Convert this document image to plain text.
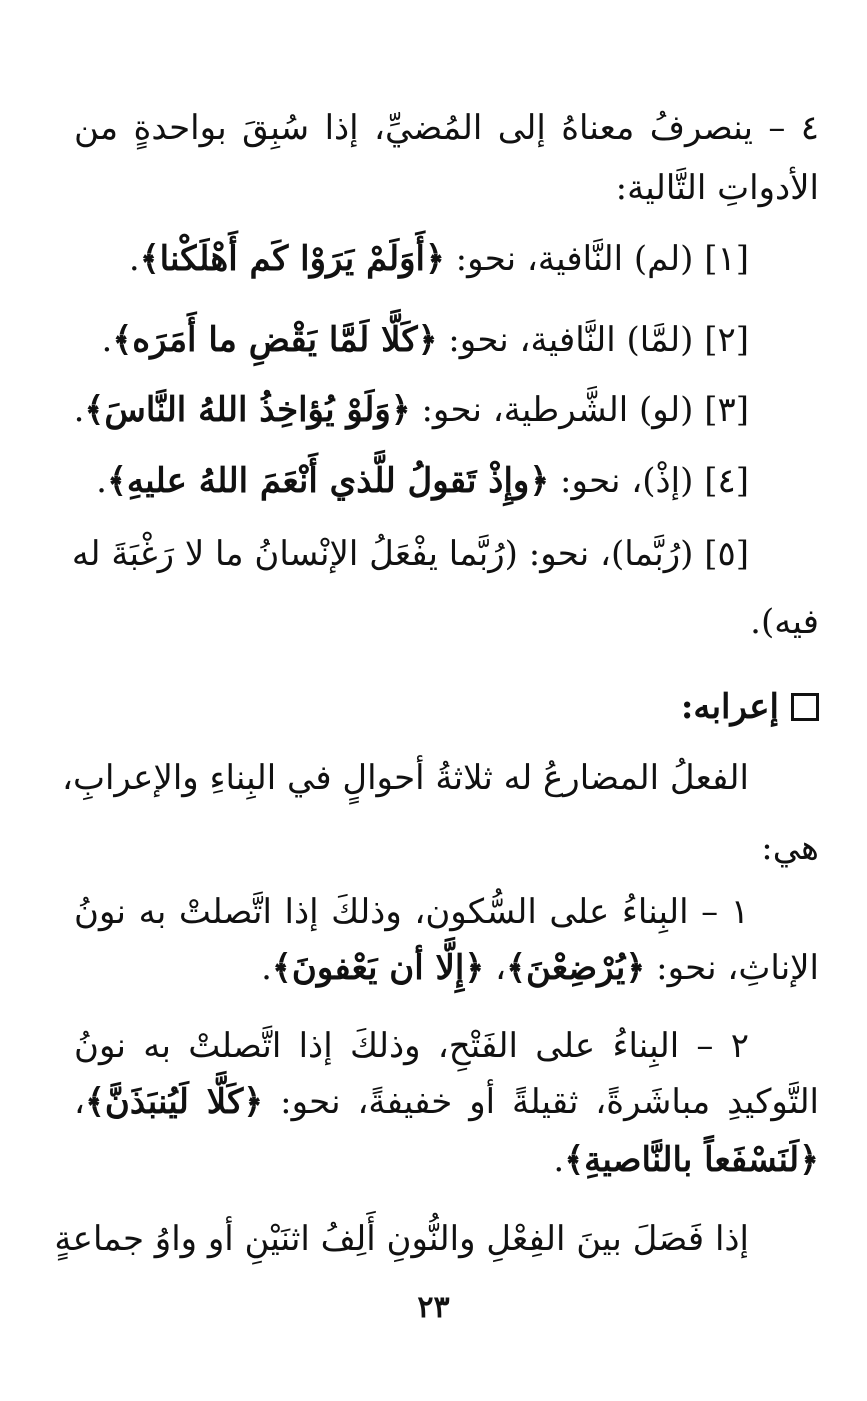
٤ – ينصرفُ معناهُ إلى المُضيِّ، إذا سُبِقَ بواحدةٍ من
الأدواتِ التَّالية:
[١] (لم) النَّافية، نحو: ﴿أَوَلَمْ يَرَوْا كَم أَهْلَكْنا﴾.
[٢] (لمَّا) النَّافية، نحو: ﴿كَلَّا لَمَّا يَقْضِ ما أَمَرَه﴾.
[٣] (لو) الشَّرطية، نحو: ﴿وَلَوْ يُؤاخِذُ اللهُ النَّاسَ﴾.
[٤] (إذْ)، نحو: ﴿وإِذْ تَقولُ للَّذي أَنْعَمَ اللهُ عليهِ﴾.
[٥] (رُبَّما)، نحو: (رُبَّما يفْعَلُ الإنْسانُ ما لا رَغْبَةَ له
فيه).
إعرابه:
الفعلُ المضارعُ له ثلاثةُ أحوالٍ في البِناءِ والإعرابِ،
هي:
١ – البِناءُ على السُّكون، وذلكَ إذا اتَّصلتْ به نونُ
الإناثِ، نحو: ﴿يُرْضِعْنَ﴾، ﴿إِلَّا أن يَعْفونَ﴾.
٢ – البِناءُ على الفَتْحِ، وذلكَ إذا اتَّصلتْ به نونُ
التَّوكيدِ مباشَرةً، ثقيلةً أو خفيفةً، نحو: ﴿كَلَّا لَيُنبَذَنَّ﴾،
﴿لَنَسْفَعاً بالنَّاصيةِ﴾.
إذا فَصَلَ بينَ الفِعْلِ والنُّونِ أَلِفُ اثنَيْنِ أو واوُ جماعةٍ
٢٣
